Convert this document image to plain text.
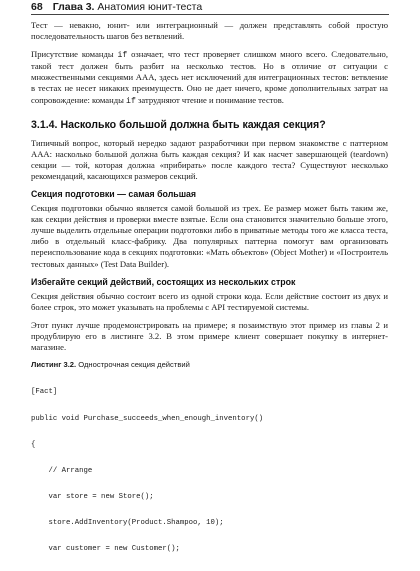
68 Глава 3. Анатомия юнит-теста

Тест — невакно, юнит- или интеграционный — должен представлять собой простую последовательность шагов без ветвлений.

Присутствие команды if означает, что тест проверяет слишком много всего. Следовательно, такой тест должен быть разбит на несколько тестов. Но в отличие от ситуации с множественными секциями ААА, здесь нет исключений для интеграционных тестов: ветвление в тестах не несет никаких преимуществ. Оно не дает ничего, кроме дополнительных затрат на сопровождение: команды if затрудняют чтение и понимание тестов.

3.1.4. Насколько большой должна быть каждая секция?

Типичный вопрос, который нередко задают разработчики при первом знакомстве с паттерном ААА: насколько большой должна быть каждая секция? И как насчет завершающей (teardown) секции — той, которая должна «прибирать» после каждого теста? Существуют несколько рекомендаций, касающихся размеров секций.

Секция подготовки — самая большая

Секция подготовки обычно является самой большой из трех. Ее размер может быть таким же, как секции действия и проверки вместе взятые. Если она становится значительно больше этого, лучше выделить отдельные операции подготовки либо в приватные методы того же класса теста, либо в отдельный класс-фабрику. Два популярных паттерна помогут вам организовать переиспользование кода в секциях подготовки: «Мать объектов» (Object Mother) и «Построитель тестовых данных» (Test Data Builder).

Избегайте секций действий, состоящих из нескольких строк

Секция действия обычно состоит всего из одной строки кода. Если действие состоит из двух и более строк, это может указывать на проблемы с API тестируемой системы.

Этот пункт лучше продемонстрировать на примере; я позаимствую этот пример из главы 2 и продублирую его в листинге 3.2. В этом примере клиент совершает покупку в интернет-магазине.

Листинг 3.2. Однострочная секция действий

[Fact]

public void Purchase_succeeds_when_enough_inventory()

{

// Arrange

var store = new Store();

store.AddInventory(Product.Shampoo, 10);

var customer = new Customer();
